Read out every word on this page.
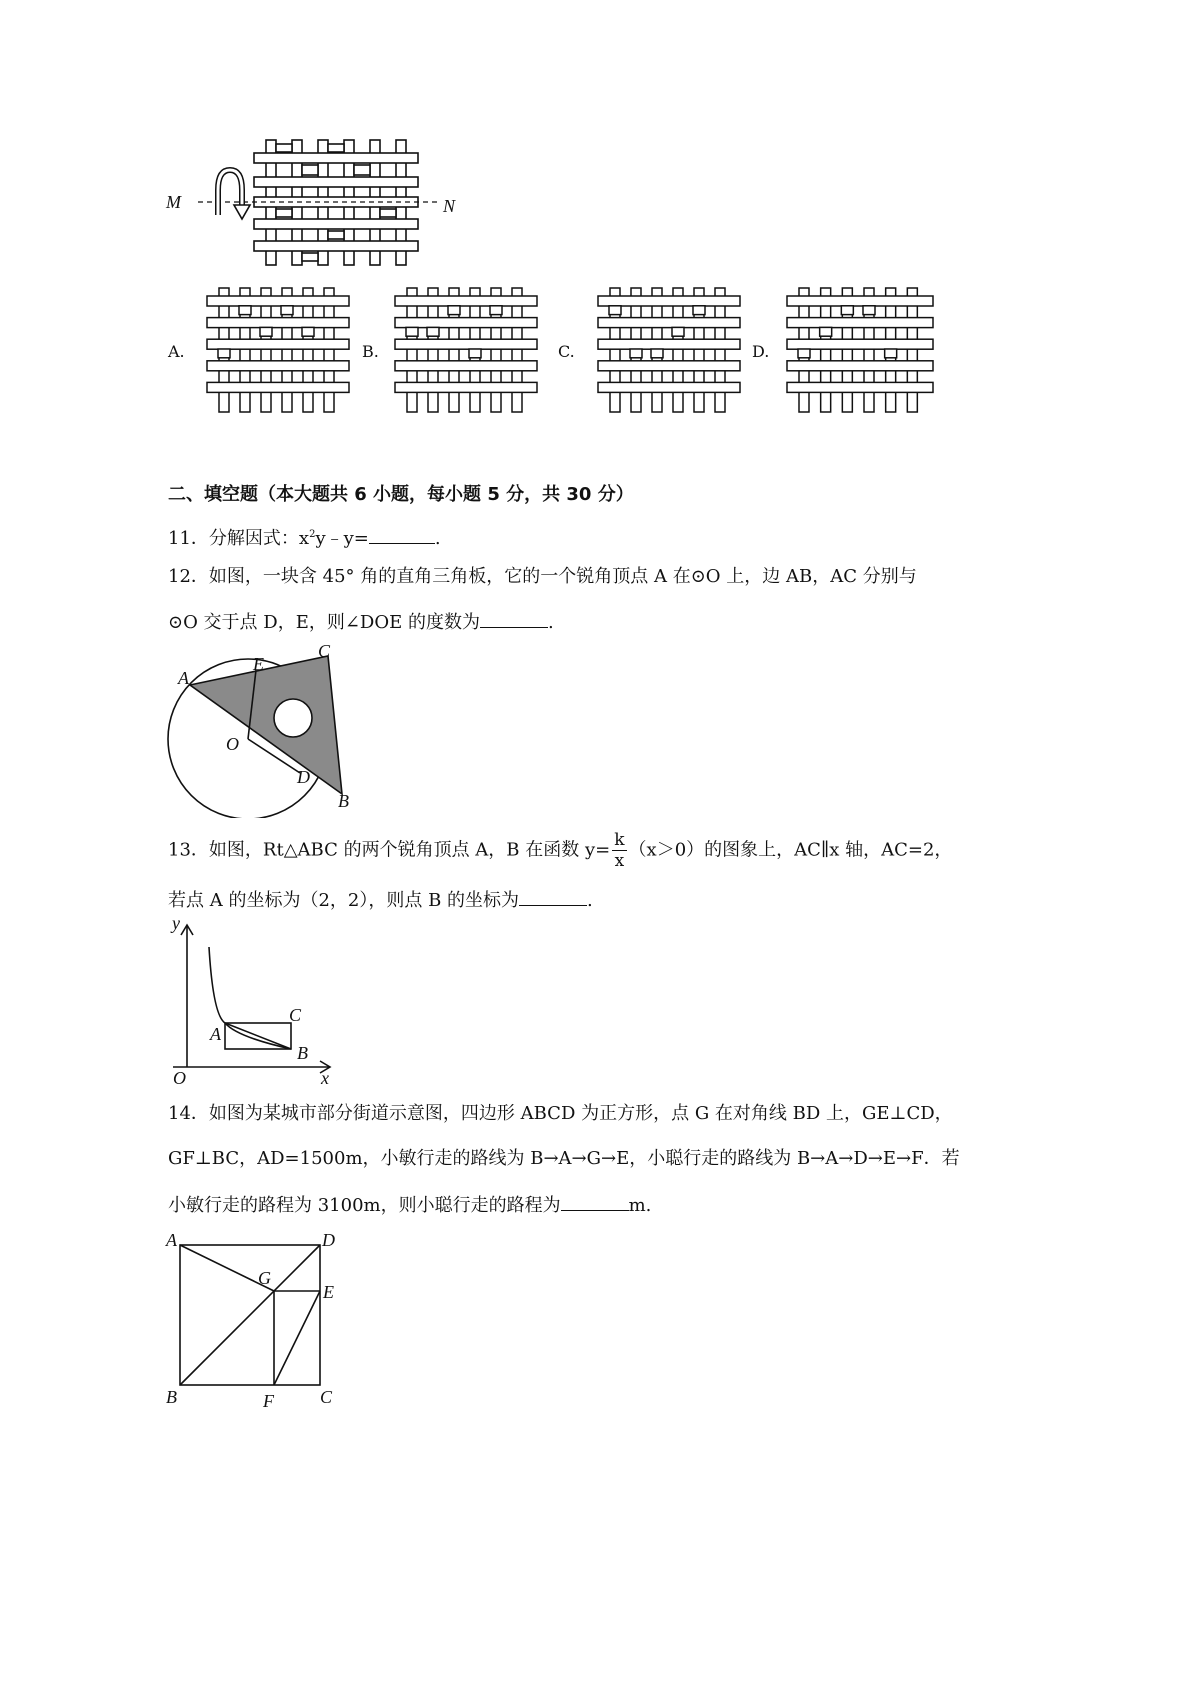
M	N
A.	B.	C.	D.
二、填空题（本大题共 6 小题，每小题 5 分，共 30 分）
11．分解因式：$x^2y﹣y=$	.
12．如图，一块含 45° 角的直角三角板，它的一个锐角顶点 A 在⊙O 上，边 AB，AC 分别与
⊙O 交于点 D，E，则∠DOE 的度数为	.
A
E
C
O
D
B
13．如图，Rt△ABC 的两个锐角顶点 A，B 在函数 $y= \frac{k}{x} (x>0)$的图象上，AC∥x 轴，AC=2，
若点 A 的坐标为（2，2），则点 B 的坐标为	.
y
x
O
A
B
C
14．如图为某城市部分街道示意图，四边形 ABCD 为正方形，点 G 在对角线 BD 上，GE⊥CD，
GF⊥BC，AD=1500m，小敏行走的路线为 B→A→G→E，小聪行走的路线为 B→A→D→E→F．若
小敏行走的路程为 3100m，则小聪行走的路程为	m.
A	D
G
E
B	F	C
